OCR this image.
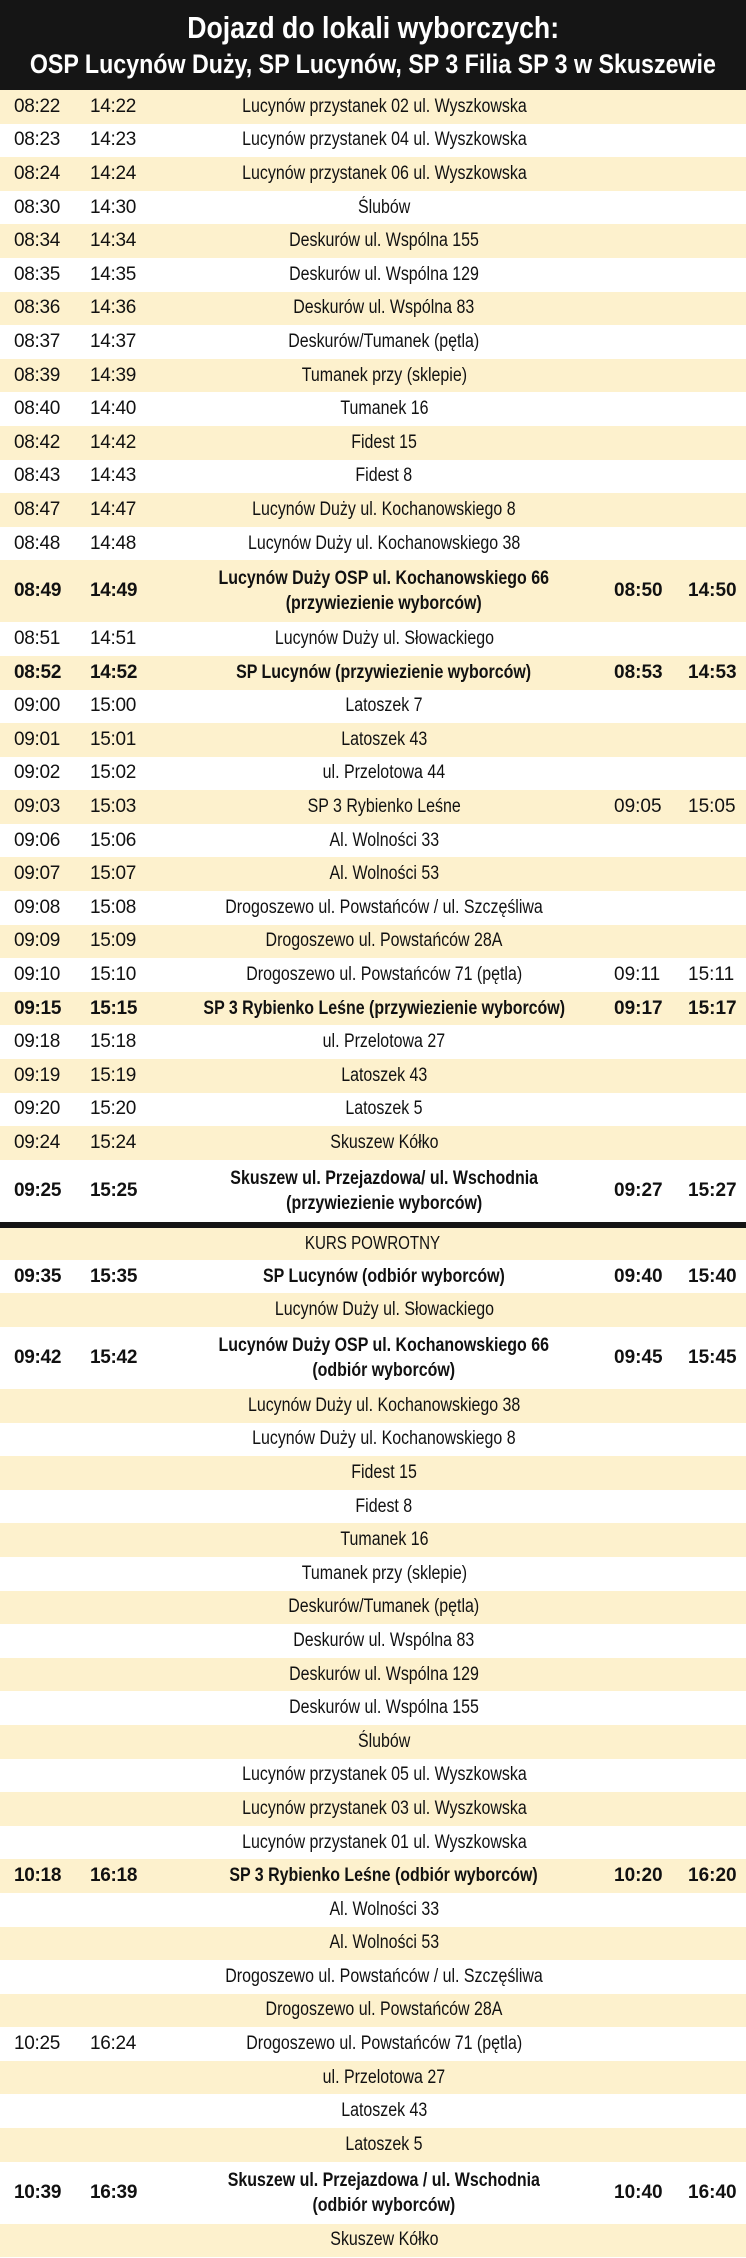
Dojazd do lokali wyborczych:
OSP Lucynów Duży, SP Lucynów, SP 3 Filia SP 3 w Skuszewie
08:22	14:22	Lucynów przystanek 02 ul. Wyszkowska		

08:23	14:23	Lucynów przystanek 04 ul. Wyszkowska		

08:24	14:24	Lucynów przystanek 06 ul. Wyszkowska		

08:30	14:30	Ślubów		

08:34	14:34	Deskurów ul. Wspólna 155		

08:35	14:35	Deskurów ul. Wspólna 129		

08:36	14:36	Deskurów ul. Wspólna 83		

08:37	14:37	Deskurów/Tumanek (pętla)		

08:39	14:39	Tumanek przy (sklepie)		

08:40	14:40	Tumanek 16		

08:42	14:42	Fidest 15		

08:43	14:43	Fidest 8		

08:47	14:47	Lucynów Duży ul. Kochanowskiego 8		

08:48	14:48	Lucynów Duży ul. Kochanowskiego 38		

08:49	14:49	Lucynów Duży OSP ul. Kochanowskiego 66
(przywiezienie wyborców)	08:50	14:50
08:51	14:51	Lucynów Duży ul. Słowackiego		

08:52	14:52	SP Lucynów (przywiezienie wyborców)	08:53	14:53
09:00	15:00	Latoszek 7		

09:01	15:01	Latoszek 43		

09:02	15:02	ul. Przelotowa 44		

09:03	15:03	SP 3 Rybienko Leśne	09:05	15:05
09:06	15:06	Al. Wolności 33		

09:07	15:07	Al. Wolności 53		

09:08	15:08	Drogoszewo ul. Powstańców / ul. Szczęśliwa		

09:09	15:09	Drogoszewo ul. Powstańców 28A		

09:10	15:10	Drogoszewo ul. Powstańców 71 (pętla)	09:11	15:11
09:15	15:15	SP 3 Rybienko Leśne (przywiezienie wyborców)	09:17	15:17
09:18	15:18	ul. Przelotowa 27		

09:19	15:19	Latoszek 43		

09:20	15:20	Latoszek 5		

09:24	15:24	Skuszew Kółko		

09:25	15:25	Skuszew ul. Przejazdowa/ ul. Wschodnia
(przywiezienie wyborców)	09:27	15:27

KURS POWROTNY				
09:35	15:35	SP Lucynów (odbiór wyborców)	09:40	15:40

		Lucynów Duży ul. Słowackiego		

09:42	15:42	Lucynów Duży OSP ul. Kochanowskiego 66
(odbiór wyborców)	09:45	15:45

		Lucynów Duży ul. Kochanowskiego 38		

		Lucynów Duży ul. Kochanowskiego 8		

		Fidest 15		

		Fidest 8		

		Tumanek 16		

		Tumanek przy (sklepie)		

		Deskurów/Tumanek (pętla)		

		Deskurów ul. Wspólna 83		

		Deskurów ul. Wspólna 129		

		Deskurów ul. Wspólna 155		

		Ślubów		

		Lucynów przystanek 05 ul. Wyszkowska		

		Lucynów przystanek 03 ul. Wyszkowska		

		Lucynów przystanek 01 ul. Wyszkowska		

10:18	16:18	SP 3 Rybienko Leśne (odbiór wyborców)	10:20	16:20

		Al. Wolności 33		

		Al. Wolności 53		

		Drogoszewo ul. Powstańców / ul. Szczęśliwa		

		Drogoszewo ul. Powstańców 28A		

10:25	16:24	Drogoszewo ul. Powstańców 71 (pętla)		

		ul. Przelotowa 27		

		Latoszek 43		

		Latoszek 5		

10:39	16:39	Skuszew ul. Przejazdowa / ul. Wschodnia
(odbiór wyborców)	10:40	16:40

		Skuszew Kółko		
